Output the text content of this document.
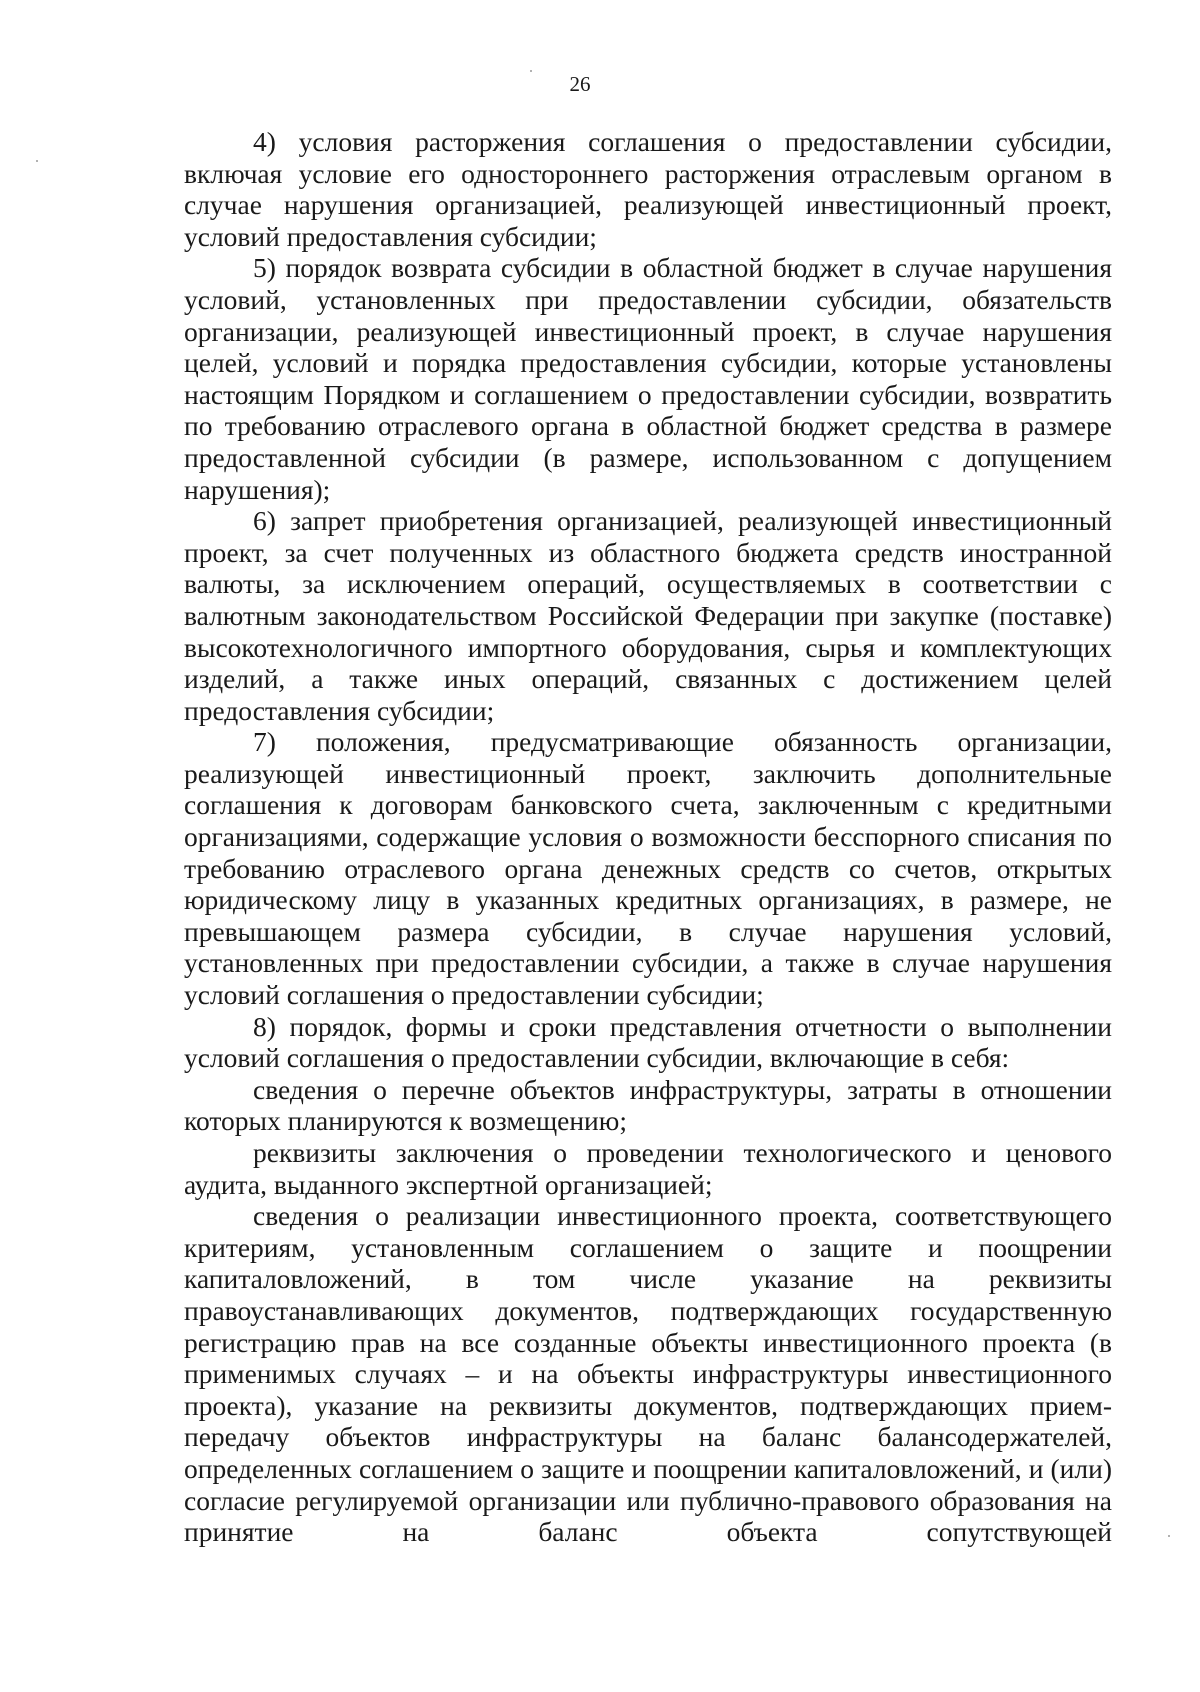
26

4) условия расторжения соглашения о предоставлении субсидии, включая условие его одностороннего расторжения отраслевым органом в случае нарушения организацией, реализующей инвестиционный проект, условий предоставления субсидии;

5) порядок возврата субсидии в областной бюджет в случае нарушения условий, установленных при предоставлении субсидии, обязательств организации, реализующей инвестиционный проект, в случае нарушения целей, условий и порядка предоставления субсидии, которые установлены настоящим Порядком и соглашением о предоставлении субсидии, возвратить по требованию отраслевого органа в областной бюджет средства в размере предоставленной субсидии (в размере, использованном с допущением нарушения);

6) запрет приобретения организацией, реализующей инвестиционный проект, за счет полученных из областного бюджета средств иностранной валюты, за исключением операций, осуществляемых в соответствии с валютным законодательством Российской Федерации при закупке (поставке) высокотехнологичного импортного оборудования, сырья и комплектующих изделий, а также иных операций, связанных с достижением целей предоставления субсидии;

7) положения, предусматривающие обязанность организации, реализующей инвестиционный проект, заключить дополнительные соглашения к договорам банковского счета, заключенным с кредитными организациями, содержащие условия о возможности бесспорного списания по требованию отраслевого органа денежных средств со счетов, открытых юридическому лицу в указанных кредитных организациях, в размере, не превышающем размера субсидии, в случае нарушения условий, установленных при предоставлении субсидии, а также в случае нарушения условий соглашения о предоставлении субсидии;

8) порядок, формы и сроки представления отчетности о выполнении условий соглашения о предоставлении субсидии, включающие в себя:

сведения о перечне объектов инфраструктуры, затраты в отношении которых планируются к возмещению;

реквизиты заключения о проведении технологического и ценового аудита, выданного экспертной организацией;

сведения о реализации инвестиционного проекта, соответствующего критериям, установленным соглашением о защите и поощрении капиталовложений, в том числе указание на реквизиты правоустанавливающих документов, подтверждающих государственную регистрацию прав на все созданные объекты инвестиционного проекта (в применимых случаях – и на объекты инфраструктуры инвестиционного проекта), указание на реквизиты документов, подтверждающих прием-передачу объектов инфраструктуры на баланс балансодержателей, определенных соглашением о защите и поощрении капиталовложений, и (или) согласие регулируемой организации или публично-правового образования на принятие на баланс объекта сопутствующей
